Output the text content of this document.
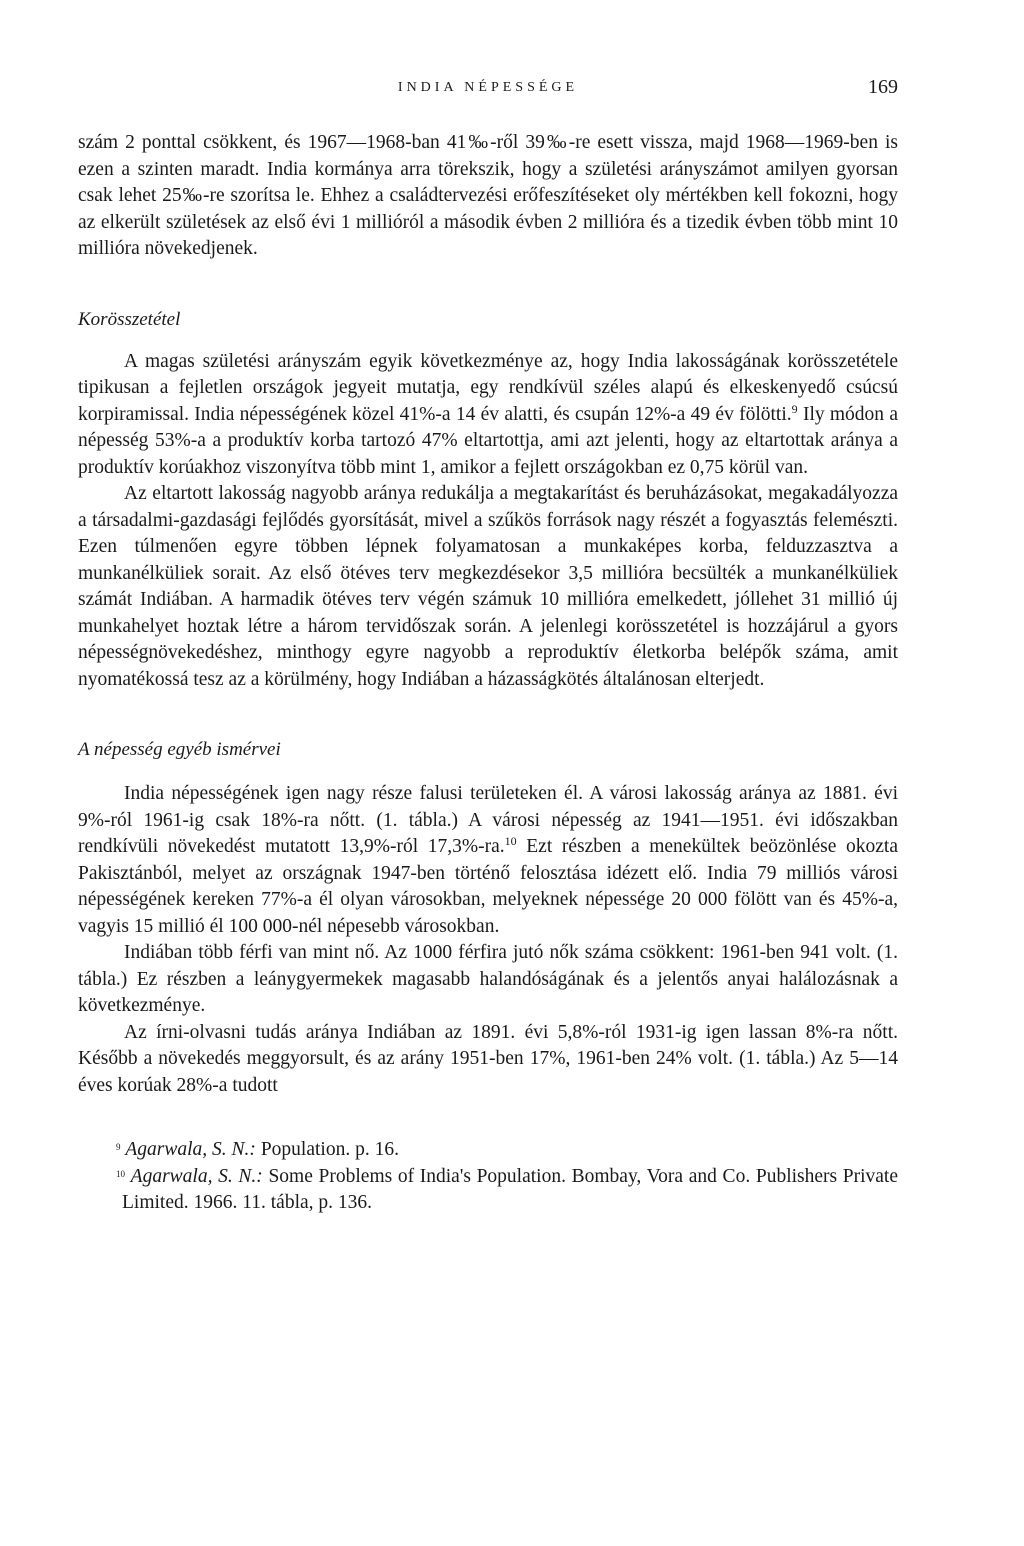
INDIA NÉPESSÉGE	169

szám 2 ponttal csökkent, és 1967—1968-ban 41‰-ről 39‰-re esett vissza, majd 1968—1969-ben is ezen a szinten maradt. India kormánya arra törekszik, hogy a születési arányszámot amilyen gyorsan csak lehet 25‰-re szorítsa le. Ehhez a családtervezési erőfeszítéseket oly mértékben kell fokozni, hogy az elkerült születések az első évi 1 millióról a második évben 2 millióra és a tizedik évben több mint 10 millióra növekedjenek.

Korösszetétel

A magas születési arányszám egyik következménye az, hogy India lakosságának korösszetétele tipikusan a fejletlen országok jegyeit mutatja, egy rendkívül széles alapú és elkeskenyedő csúcsú korpiramissal. India népességének közel 41%-a 14 év alatti, és csupán 12%-a 49 év fölötti.$^9$ Ily módon a népesség 53%-a a produktív korba tartozó 47% eltartottja, ami azt jelenti, hogy az eltartottak aránya a produktív korúakhoz viszonyítva több mint 1, amikor a fejlett országokban ez 0,75 körül van.

Az eltartott lakosság nagyobb aránya redukálja a megtakarítást és beruházásokat, megakadályozza a társadalmi-gazdasági fejlődés gyorsítását, mivel a szűkös források nagy részét a fogyasztás felemészti. Ezen túlmenően egyre többen lépnek folyamatosan a munkaképes korba, felduzzasztva a munkanélküliek sorait. Az első ötéves terv megkezdésekor 3,5 millióra becsülték a munkanélküliek számát Indiában. A harmadik ötéves terv végén számuk 10 millióra emelkedett, jóllehet 31 millió új munkahelyet hoztak létre a három tervidőszak során. A jelenlegi korösszetétel is hozzájárul a gyors népességnövekedéshez, minthogy egyre nagyobb a reproduktív életkorba belépők száma, amit nyomatékossá tesz az a körülmény, hogy Indiában a házasságkötés általánosan elterjedt.

A népesség egyéb ismérvei

India népességének igen nagy része falusi területeken él. A városi lakosság aránya az 1881. évi 9%-ról 1961-ig csak 18%-ra nőtt. (1. tábla.) A városi népesség az 1941—1951. évi időszakban rendkívüli növekedést mutatott 13,9%-ról 17,3%-ra.$^{10}$ Ezt részben a menekültek beözönlése okozta Pakisztánból, melyet az országnak 1947-ben történő felosztása idézett elő. India 79 milliós városi népességének kereken 77%-a él olyan városokban, melyeknek népessége 20 000 fölött van és 45%-a, vagyis 15 millió él 100 000-nél népesebb városokban.

Indiában több férfi van mint nő. Az 1000 férfira jutó nők száma csökkent: 1961-ben 941 volt. (1. tábla.) Ez részben a leánygyermekek magasabb halandóságának és a jelentős anyai halálozásnak a következménye.

Az írni-olvasni tudás aránya Indiában az 1891. évi 5,8%-ról 1931-ig igen lassan 8%-ra nőtt. Később a növekedés meggyorsult, és az arány 1951-ben 17%, 1961-ben 24% volt. (1. tábla.) Az 5—14 éves korúak 28%-a tudott

$^9$ Agarwala, S. N.: Population. p. 16.

$^{10}$ Agarwala, S. N.: Some Problems of India's Population. Bombay, Vora and Co. Publishers Private Limited. 1966. 11. tábla, p. 136.
